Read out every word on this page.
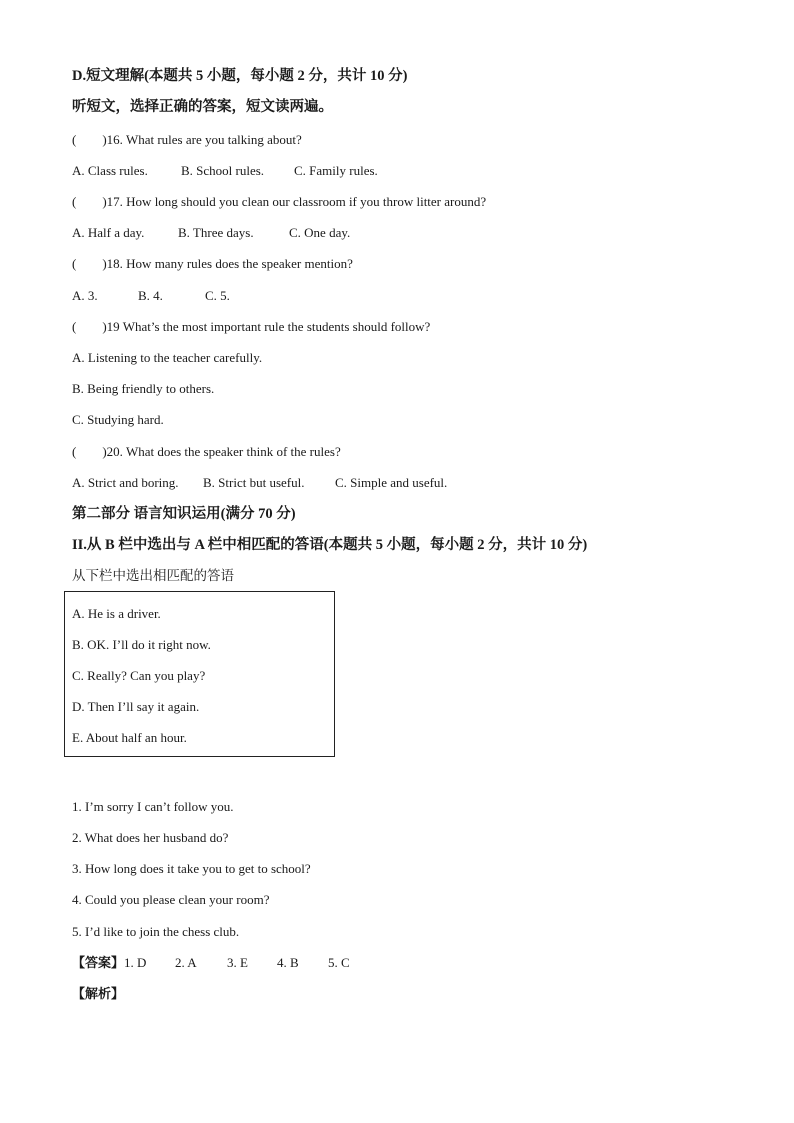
D.短文理解(本题共 5 小题，每小题 2 分，共计 10 分)
听短文，选择正确的答案，短文读两遍。
( )16. What rules are you talking about?
A. Class rules.	B. School rules. C. Family rules.
( )17. How long should you clean our classroom if you throw litter around?
A. Half a day.	B. Three days.	C. One day.
( )18. How many rules does the speaker mention?
A. 3.	B. 4.	C. 5.
( )19 What’s the most important rule the students should follow?
A. Listening to the teacher carefully.
B. Being friendly to others.
C. Studying hard.
( )20. What does the speaker think of the rules?
A. Strict and boring. B. Strict but useful. C. Simple and useful.
第二部分 语言知识运用(满分 70 分)
II.从 B 栏中选出与 A 栏中相匹配的答语(本题共 5 小题，每小题 2 分，共计 10 分)
从下栏中选出相匹配的答语
A. He is a driver.
B. OK. I’ll do it right now.
C. Really? Can you play?
D. Then I’ll say it again.
E. About half an hour.
1. I’m sorry I can’t follow you.
2. What does her husband do?
3. How long does it take you to get to school?
4. Could you please clean your room?
5. I’d like to join the chess club.
【答案】1. D 2. A 3. E 4. B 5. C
【解析】
